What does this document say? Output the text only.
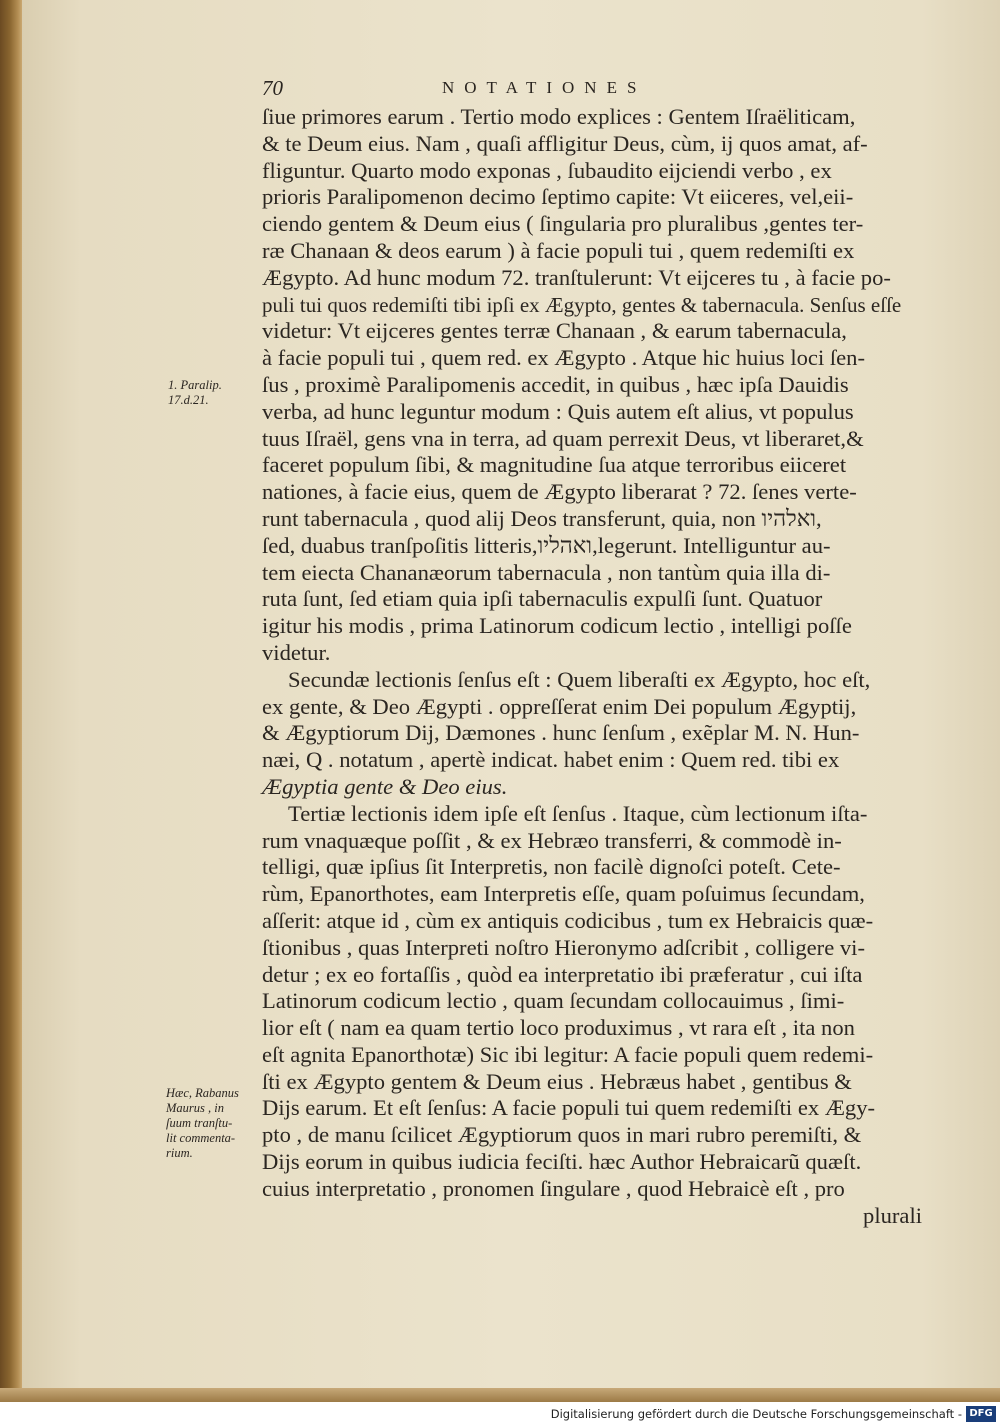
70	NOTATIONES
1. Paralip.
17.d.21.
Hæc, Rabanus
Maurus , in
ſuum tranſtu-
lit commenta-
rium.
ſiue primores earum . Tertio modo explices : Gentem Iſraëliticam,
& te Deum eius. Nam , quaſi affligitur Deus, cùm, ij quos amat, af-
fliguntur. Quarto modo exponas , ſubaudito eijciendi verbo , ex
prioris Paralipomenon decimo ſeptimo capite: Vt eiiceres, vel,eii-
ciendo gentem & Deum eius ( ſingularia pro pluralibus ,gentes ter-
ræ Chanaan & deos earum ) à facie populi tui , quem redemiſti ex
Ægypto. Ad hunc modum 72. tranſtulerunt: Vt eijceres tu , à facie po-
puli tui quos redemiſti tibi ipſi ex Ægypto, gentes & tabernacula. Senſus eſſe
videtur: Vt eijceres gentes terræ Chanaan , & earum tabernacula,
à facie populi tui , quem red. ex Ægypto . Atque hic huius loci ſen-
ſus , proximè Paralipomenis accedit, in quibus , hæc ipſa Dauidis
verba, ad hunc leguntur modum : Quis autem eſt alius, vt populus
tuus Iſraël, gens vna in terra, ad quam perrexit Deus, vt liberaret,&
faceret populum ſibi, & magnitudine ſua atque terroribus eiiceret
nationes, à facie eius, quem de Ægypto liberarat ? 72. ſenes verte-
runt tabernacula , quod alij Deos transferunt, quia, non ואלהיו,
ſed, duabus tranſpoſitis litteris,ואהליו,legerunt. Intelliguntur au-
tem eiecta Chananæorum tabernacula , non tantùm quia illa di-
ruta ſunt, ſed etiam quia ipſi tabernaculis expulſi ſunt. Quatuor
igitur his modis , prima Latinorum codicum lectio , intelligi poſſe
videtur.
Secundæ lectionis ſenſus eſt : Quem liberaſti ex Ægypto, hoc eſt,
ex gente, & Deo Ægypti . oppreſſerat enim Dei populum Ægyptij,
& Ægyptiorum Dij, Dæmones . hunc ſenſum , exẽplar M. N. Hun-
næi, Q . notatum , apertè indicat. habet enim : Quem red. tibi ex
Ægyptia gente & Deo eius.
Tertiæ lectionis idem ipſe eſt ſenſus . Itaque, cùm lectionum iſta-
rum vnaquæque poſſit , & ex Hebræo transferri, & commodè in-
telligi, quæ ipſius ſit Interpretis, non facilè dignoſci poteſt. Cete-
rùm, Epanorthotes, eam Interpretis eſſe, quam poſuimus ſecundam,
aſſerit: atque id , cùm ex antiquis codicibus , tum ex Hebraicis quæ-
ſtionibus , quas Interpreti noſtro Hieronymo adſcribit , colligere vi-
detur ; ex eo fortaſſis , quòd ea interpretatio ibi præferatur , cui iſta
Latinorum codicum lectio , quam ſecundam collocauimus , ſimi-
lior eſt ( nam ea quam tertio loco produximus , vt rara eſt , ita non
eſt agnita Epanorthotæ) Sic ibi legitur: A facie populi quem redemi-
ſti ex Ægypto gentem & Deum eius . Hebræus habet , gentibus &
Dijs earum. Et eſt ſenſus: A facie populi tui quem redemiſti ex Ægy-
pto , de manu ſcilicet Ægyptiorum quos in mari rubro peremiſti, &
Dijs eorum in quibus iudicia feciſti. hæc Author Hebraicarũ quæſt.
cuius interpretatio , pronomen ſingulare , quod Hebraicè eſt , pro
plurali
Digitalisierung gefördert durch die Deutsche Forschungsgemeinschaft - DFG
